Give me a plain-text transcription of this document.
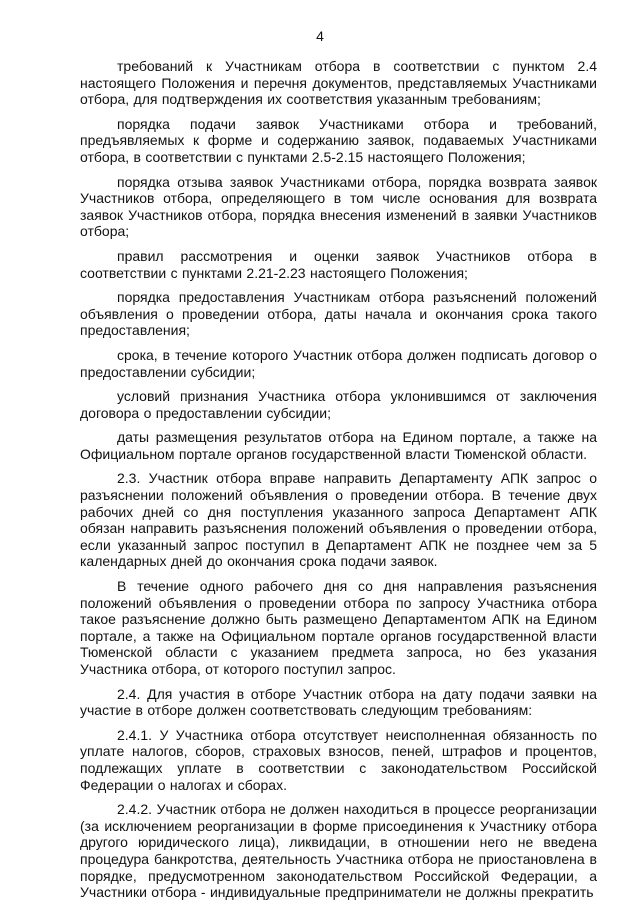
4

требований к Участникам отбора в соответствии с пунктом 2.4 настоящего Положения и перечня документов, представляемых Участниками отбора, для подтверждения их соответствия указанным требованиям;

порядка подачи заявок Участниками отбора и требований, предъявляемых к форме и содержанию заявок, подаваемых Участниками отбора, в соответствии с пунктами 2.5-2.15 настоящего Положения;

порядка отзыва заявок Участниками отбора, порядка возврата заявок Участников отбора, определяющего в том числе основания для возврата заявок Участников отбора, порядка внесения изменений в заявки Участников отбора;

правил рассмотрения и оценки заявок Участников отбора в соответствии с пунктами 2.21-2.23 настоящего Положения;

порядка предоставления Участникам отбора разъяснений положений объявления о проведении отбора, даты начала и окончания срока такого предоставления;

срока, в течение которого Участник отбора должен подписать договор о предоставлении субсидии;

условий признания Участника отбора уклонившимся от заключения договора о предоставлении субсидии;

даты размещения результатов отбора на Едином портале, а также на Официальном портале органов государственной власти Тюменской области.

2.3. Участник отбора вправе направить Департаменту АПК запрос о разъяснении положений объявления о проведении отбора. В течение двух рабочих дней со дня поступления указанного запроса Департамент АПК обязан направить разъяснения положений объявления о проведении отбора, если указанный запрос поступил в Департамент АПК не позднее чем за 5 календарных дней до окончания срока подачи заявок.

В течение одного рабочего дня со дня направления разъяснения положений объявления о проведении отбора по запросу Участника отбора такое разъяснение должно быть размещено Департаментом АПК на Едином портале, а также на Официальном портале органов государственной власти Тюменской области с указанием предмета запроса, но без указания Участника отбора, от которого поступил запрос.

2.4. Для участия в отборе Участник отбора на дату подачи заявки на участие в отборе должен соответствовать следующим требованиям:

2.4.1. У Участника отбора отсутствует неисполненная обязанность по уплате налогов, сборов, страховых взносов, пеней, штрафов и процентов, подлежащих уплате в соответствии с законодательством Российской Федерации о налогах и сборах.

2.4.2. Участник отбора не должен находиться в процессе реорганизации (за исключением реорганизации в форме присоединения к Участнику отбора другого юридического лица), ликвидации, в отношении него не введена процедура банкротства, деятельность Участника отбора не приостановлена в порядке, предусмотренном законодательством Российской Федерации, а Участники отбора - индивидуальные предприниматели не должны прекратить
